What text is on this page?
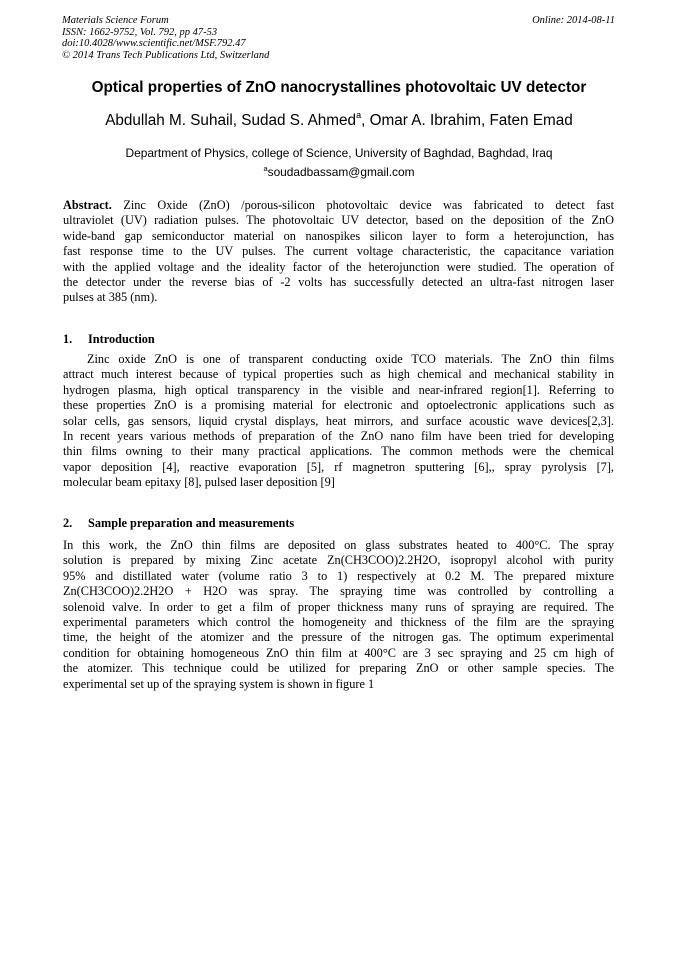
Materials Science Forum
ISSN: 1662-9752, Vol. 792, pp 47-53
doi:10.4028/www.scientific.net/MSF.792.47
© 2014 Trans Tech Publications Ltd, Switzerland
Online: 2014-08-11
Optical properties of ZnO nanocrystallines photovoltaic UV detector
Abdullah M. Suhail, Sudad S. Ahmed$^a$, Omar A. Ibrahim, Faten Emad
Department of Physics, college of Science, University of Baghdad, Baghdad, Iraq
$^a$soudadbassam@gmail.com
Abstract. Zinc Oxide (ZnO) /porous-silicon photovoltaic device was fabricated to detect fast
ultraviolet (UV) radiation pulses. The photovoltaic UV detector, based on the deposition of the ZnO
wide-band gap semiconductor material on nanospikes silicon layer to form a heterojunction, has
fast response time to the UV pulses. The current voltage characteristic, the capacitance variation
with the applied voltage and the ideality factor of the heterojunction were studied. The operation of
the detector under the reverse bias of -2 volts has successfully detected an ultra-fast nitrogen laser
pulses at 385 (nm).
1. Introduction
Zinc oxide ZnO is one of transparent conducting oxide TCO materials. The ZnO thin films
attract much interest because of typical properties such as high chemical and mechanical stability in
hydrogen plasma, high optical transparency in the visible and near-infrared region[1]. Referring to
these properties ZnO is a promising material for electronic and optoelectronic applications such as
solar cells, gas sensors, liquid crystal displays, heat mirrors, and surface acoustic wave devices[2,3].
In recent years various methods of preparation of the ZnO nano film have been tried for developing
thin films owning to their many practical applications. The common methods were the chemical
vapor deposition [4], reactive evaporation [5], rf magnetron sputtering [6],, spray pyrolysis [7],
molecular beam epitaxy [8], pulsed laser deposition [9]
2. Sample preparation and measurements
In this work, the ZnO thin films are deposited on glass substrates heated to 400°C. The spray
solution is prepared by mixing Zinc acetate Zn(CH3COO)2.2H2O, isopropyl alcohol with purity
95% and distillated water (volume ratio 3 to 1) respectively at 0.2 M. The prepared mixture
Zn(CH3COO)2.2H2O + H2O was spray. The spraying time was controlled by controlling a
solenoid valve. In order to get a film of proper thickness many runs of spraying are required. The
experimental parameters which control the homogeneity and thickness of the film are the spraying
time, the height of the atomizer and the pressure of the nitrogen gas. The optimum experimental
condition for obtaining homogeneous ZnO thin film at 400°C are 3 sec spraying and 25 cm high of
the atomizer. This technique could be utilized for preparing ZnO or other sample species. The
experimental set up of the spraying system is shown in figure 1
